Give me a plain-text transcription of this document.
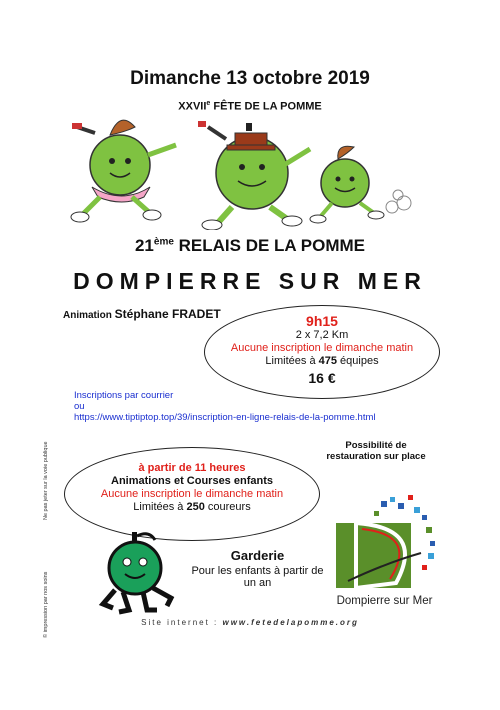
Dimanche 13 octobre 2019
XXVIIe FÊTE DE LA POMME
21ème RELAIS DE LA POMME
DOMPIERRE SUR MER
Animation Stéphane FRADET	9h15
2 x 7,2 Km
Aucune inscription le dimanche matin
Limitées à 475 équipes
16 €
Inscriptions par courrier
ou
https://www.tiptiptop.top/39/inscription-en-ligne-relais-de-la-pomme.html
Ne pas jeter sur la voie publique
© impression par nos soins
Possibilité de restauration sur place
à partir de 11 heures
Animations et Courses enfants
Aucune inscription le dimanche matin
Limitées à 250 coureurs
Dompierre sur Mer
Garderie
Pour les enfants à partir de un an
Site internet : www.fetedelapomme.org
